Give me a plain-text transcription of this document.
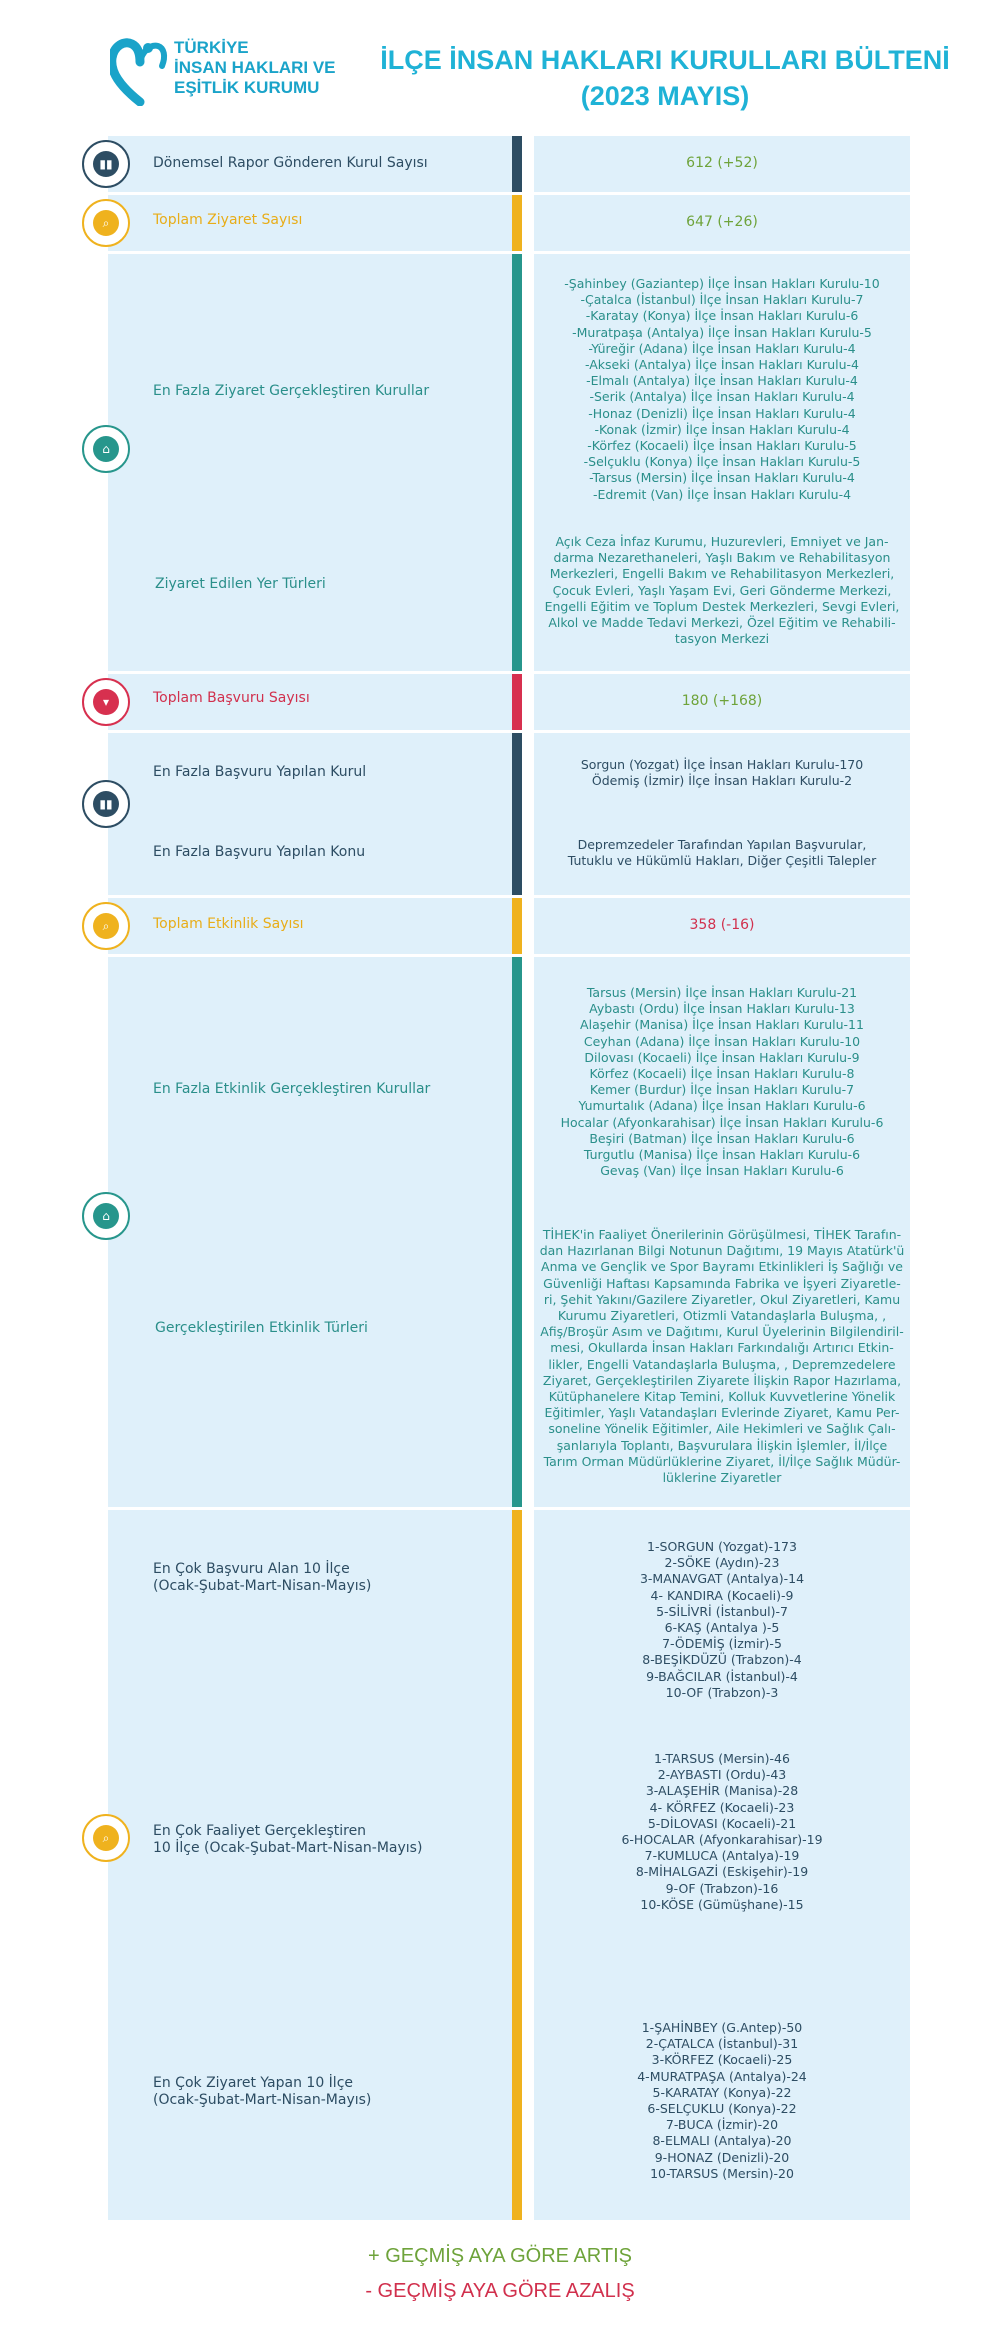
TÜRKİYE
İNSAN HAKLARI VE
EŞİTLİK KURUMU
İLÇE İNSAN HAKLARI KURULLARI BÜLTENİ
(2023 MAYIS)
Dönemsel Rapor Gönderen Kurul Sayısı	612 (+52)
▮▮
Toplam Ziyaret Sayısı	647 (+26)
⌕
En Fazla Ziyaret Gerçekleştiren Kurullar
-Şahinbey (Gaziantep) İlçe İnsan Hakları Kurulu-10
-Çatalca (İstanbul) İlçe İnsan Hakları Kurulu-7
-Karatay (Konya) İlçe İnsan Hakları Kurulu-6
-Muratpaşa (Antalya) İlçe İnsan Hakları Kurulu-5
-Yüreğir (Adana) İlçe İnsan Hakları Kurulu-4
-Akseki (Antalya) İlçe İnsan Hakları Kurulu-4
-Elmalı (Antalya) İlçe İnsan Hakları Kurulu-4
-Serik (Antalya) İlçe İnsan Hakları Kurulu-4
-Honaz (Denizli) İlçe İnsan Hakları Kurulu-4
-Konak (İzmir) İlçe İnsan Hakları Kurulu-4
-Körfez (Kocaeli) İlçe İnsan Hakları Kurulu-5
-Selçuklu (Konya) İlçe İnsan Hakları Kurulu-5
-Tarsus (Mersin) İlçe İnsan Hakları Kurulu-4
-Edremit (Van) İlçe İnsan Hakları Kurulu-4
Ziyaret Edilen Yer Türleri
Açık Ceza İnfaz Kurumu, Huzurevleri, Emniyet ve Jan-
darma Nezarethaneleri, Yaşlı Bakım ve Rehabilitasyon
Merkezleri, Engelli Bakım ve Rehabilitasyon Merkezleri,
Çocuk Evleri, Yaşlı Yaşam Evi, Geri Gönderme Merkezi,
Engelli Eğitim ve Toplum Destek Merkezleri, Sevgi Evleri,
Alkol ve Madde Tedavi Merkezi, Özel Eğitim ve Rehabili-
tasyon Merkezi
⌂
Toplam Başvuru Sayısı	180 (+168)
▾
En Fazla Başvuru Yapılan Kurul	Sorgun (Yozgat) İlçe İnsan Hakları Kurulu-170
Ödemiş (İzmir) İlçe İnsan Hakları Kurulu-2
En Fazla Başvuru Yapılan Konu	Depremzedeler Tarafından Yapılan Başvurular,
Tutuklu ve Hükümlü Hakları, Diğer Çeşitli Talepler
▮▮
Toplam Etkinlik Sayısı	358 (-16)
⌕
En Fazla Etkinlik Gerçekleştiren Kurullar
Tarsus (Mersin) İlçe İnsan Hakları Kurulu-21
Aybastı (Ordu) İlçe İnsan Hakları Kurulu-13
Alaşehir (Manisa) İlçe İnsan Hakları Kurulu-11
Ceyhan (Adana) İlçe İnsan Hakları Kurulu-10
Dilovası (Kocaeli) İlçe İnsan Hakları Kurulu-9
Körfez (Kocaeli) İlçe İnsan Hakları Kurulu-8
Kemer (Burdur) İlçe İnsan Hakları Kurulu-7
Yumurtalık (Adana) İlçe İnsan Hakları Kurulu-6
Hocalar (Afyonkarahisar) İlçe İnsan Hakları Kurulu-6
Beşiri (Batman) İlçe İnsan Hakları Kurulu-6
Turgutlu (Manisa) İlçe İnsan Hakları Kurulu-6
Gevaş (Van) İlçe İnsan Hakları Kurulu-6
Gerçekleştirilen Etkinlik Türleri
TİHEK'in Faaliyet Önerilerinin Görüşülmesi, TİHEK Tarafın-
dan Hazırlanan Bilgi Notunun Dağıtımı, 19 Mayıs Atatürk'ü
Anma ve Gençlik ve Spor Bayramı Etkinlikleri İş Sağlığı ve
Güvenliği Haftası Kapsamında Fabrika ve İşyeri Ziyaretle-
ri, Şehit Yakını/Gazilere Ziyaretler, Okul Ziyaretleri, Kamu
Kurumu Ziyaretleri, Otizmli Vatandaşlarla Buluşma, ,
Afiş/Broşür Asım ve Dağıtımı, Kurul Üyelerinin Bilgilendiril-
mesi, Okullarda İnsan Hakları Farkındalığı Artırıcı Etkin-
likler, Engelli Vatandaşlarla Buluşma, , Depremzedelere
Ziyaret, Gerçekleştirilen Ziyarete İlişkin Rapor Hazırlama,
Kütüphanelere Kitap Temini, Kolluk Kuvvetlerine Yönelik
Eğitimler, Yaşlı Vatandaşları Evlerinde Ziyaret, Kamu Per-
soneline Yönelik Eğitimler, Aile Hekimleri ve Sağlık Çalı-
şanlarıyla Toplantı, Başvurulara İlişkin İşlemler, İl/İlçe
Tarım Orman Müdürlüklerine Ziyaret, İl/İlçe Sağlık Müdür-
lüklerine Ziyaretler
⌂
En Çok Başvuru Alan 10 İlçe
(Ocak-Şubat-Mart-Nisan-Mayıs)
1-SORGUN (Yozgat)-173
2-SÖKE (Aydın)-23
3-MANAVGAT (Antalya)-14
4- KANDIRA (Kocaeli)-9
5-SİLİVRİ (İstanbul)-7
6-KAŞ (Antalya )-5
7-ÖDEMİŞ (İzmir)-5
8-BEŞİKDÜZÜ (Trabzon)-4
9-BAĞCILAR (İstanbul)-4
10-OF (Trabzon)-3
En Çok Faaliyet Gerçekleştiren
10 İlçe (Ocak-Şubat-Mart-Nisan-Mayıs)
1-TARSUS (Mersin)-46
2-AYBASTI (Ordu)-43
3-ALAŞEHİR (Manisa)-28
4- KÖRFEZ (Kocaeli)-23
5-DİLOVASI (Kocaeli)-21
6-HOCALAR (Afyonkarahisar)-19
7-KUMLUCA (Antalya)-19
8-MİHALGAZİ (Eskişehir)-19
9-OF (Trabzon)-16
10-KÖSE (Gümüşhane)-15
En Çok Ziyaret Yapan 10 İlçe
(Ocak-Şubat-Mart-Nisan-Mayıs)
1-ŞAHİNBEY (G.Antep)-50
2-ÇATALCA (İstanbul)-31
3-KÖRFEZ (Kocaeli)-25
4-MURATPAŞA (Antalya)-24
5-KARATAY (Konya)-22
6-SELÇUKLU (Konya)-22
7-BUCA (İzmir)-20
8-ELMALI (Antalya)-20
9-HONAZ (Denizli)-20
10-TARSUS (Mersin)-20
⌕
+ GEÇMİŞ AYA GÖRE ARTIŞ
- GEÇMİŞ AYA GÖRE AZALIŞ
